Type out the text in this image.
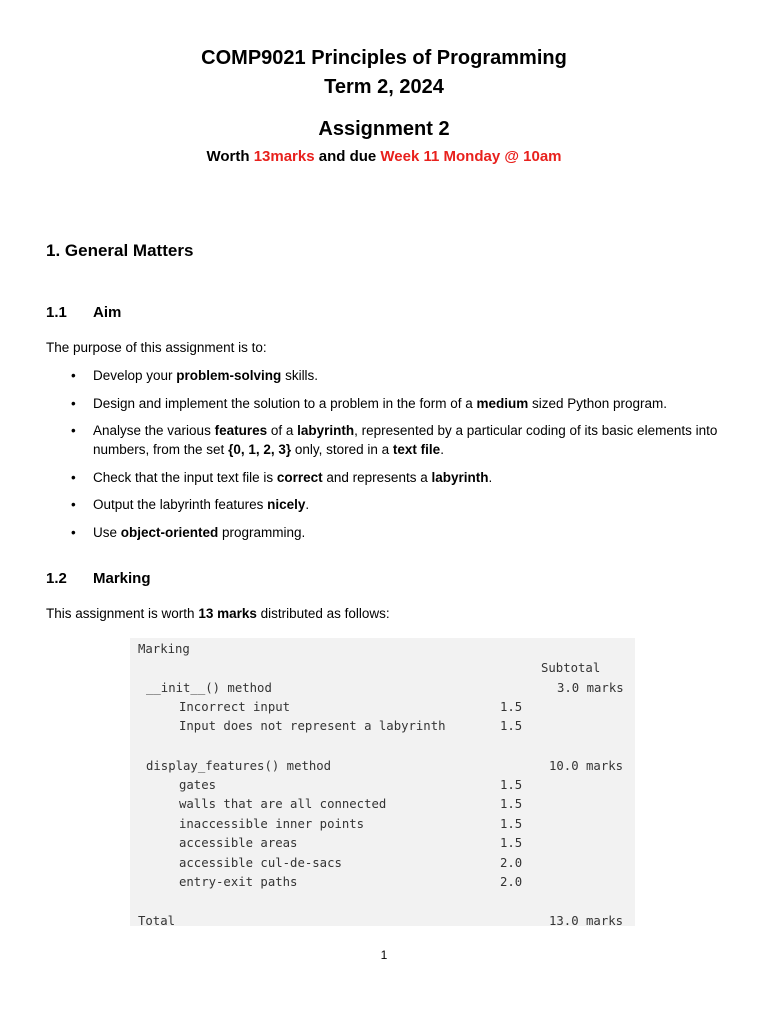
COMP9021 Principles of Programming
Term 2, 2024
Assignment 2
Worth 13marks and due Week 11 Monday @ 10am
1. General Matters
1.1 Aim
The purpose of this assignment is to:
• Develop your problem-solving skills.
• Design and implement the solution to a problem in the form of a medium sized Python program.
• Analyse the various features of a labyrinth, represented by a particular coding of its basic elements into numbers, from the set {0, 1, 2, 3} only, stored in a text file.
• Check that the input text file is correct and represents a labyrinth.
• Output the labyrinth features nicely.
• Use object-oriented programming.
1.2 Marking
This assignment is worth 13 marks distributed as follows:
Marking
Subtotal
__init__() method	3.0 marks
Incorrect input	1.5
Input does not represent a labyrinth	1.5
display_features() method	10.0 marks
gates	1.5
walls that are all connected	1.5
inaccessible inner points	1.5
accessible areas	1.5
accessible cul-de-sacs	2.0
entry-exit paths	2.0
Total	13.0 marks
1
